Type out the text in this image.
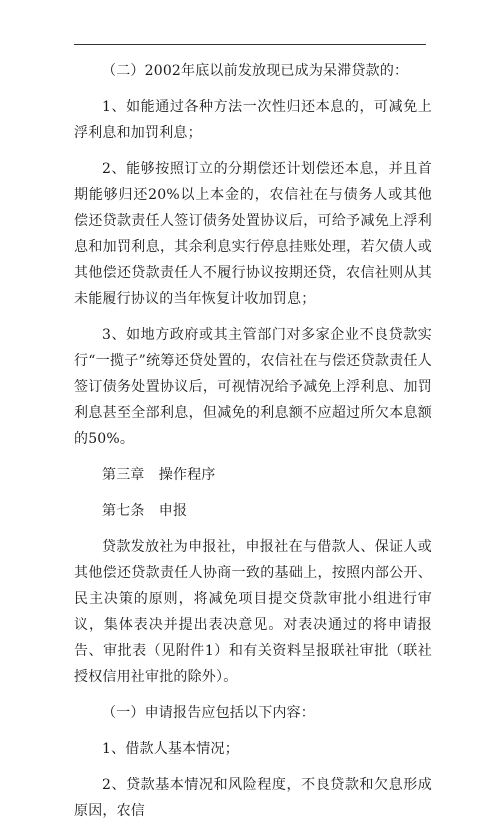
（二）2002年底以前发放现已成为呆滞贷款的：

1、如能通过各种方法一次性归还本息的，可减免上浮利息和加罚利息；

2、能够按照订立的分期偿还计划偿还本息，并且首期能够归还20%以上本金的，农信社在与债务人或其他偿还贷款责任人签订债务处置协议后，可给予减免上浮利息和加罚利息，其余利息实行停息挂账处理，若欠债人或其他偿还贷款责任人不履行协议按期还贷，农信社则从其未能履行协议的当年恢复计收加罚息；

3、如地方政府或其主管部门对多家企业不良贷款实行“一揽子”统筹还贷处置的，农信社在与偿还贷款责任人签订债务处置协议后，可视情况给予减免上浮利息、加罚利息甚至全部利息，但减免的利息额不应超过所欠本息额的50%。

第三章　操作程序

第七条　申报

贷款发放社为申报社，申报社在与借款人、保证人或其他偿还贷款责任人协商一致的基础上，按照内部公开、民主决策的原则，将减免项目提交贷款审批小组进行审议，集体表决并提出表决意见。对表决通过的将申请报告、审批表（见附件1）和有关资料呈报联社审批（联社授权信用社审批的除外）。

（一）申请报告应包括以下内容：

1、借款人基本情况；

2、贷款基本情况和风险程度，不良贷款和欠息形成原因，农信
